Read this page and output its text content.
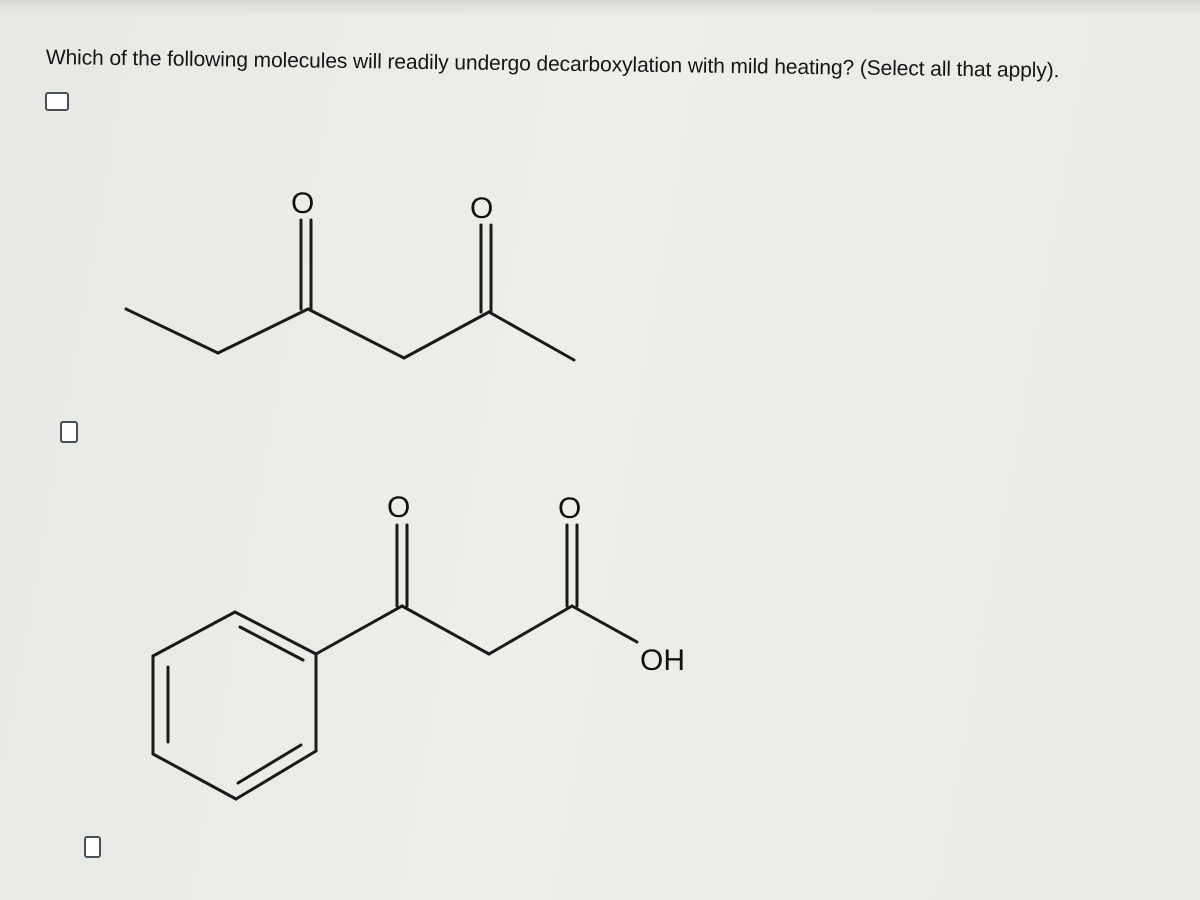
Which of the following molecules will readily undergo decarboxylation with mild heating? (Select all that apply).
O	O
O	O
OH
